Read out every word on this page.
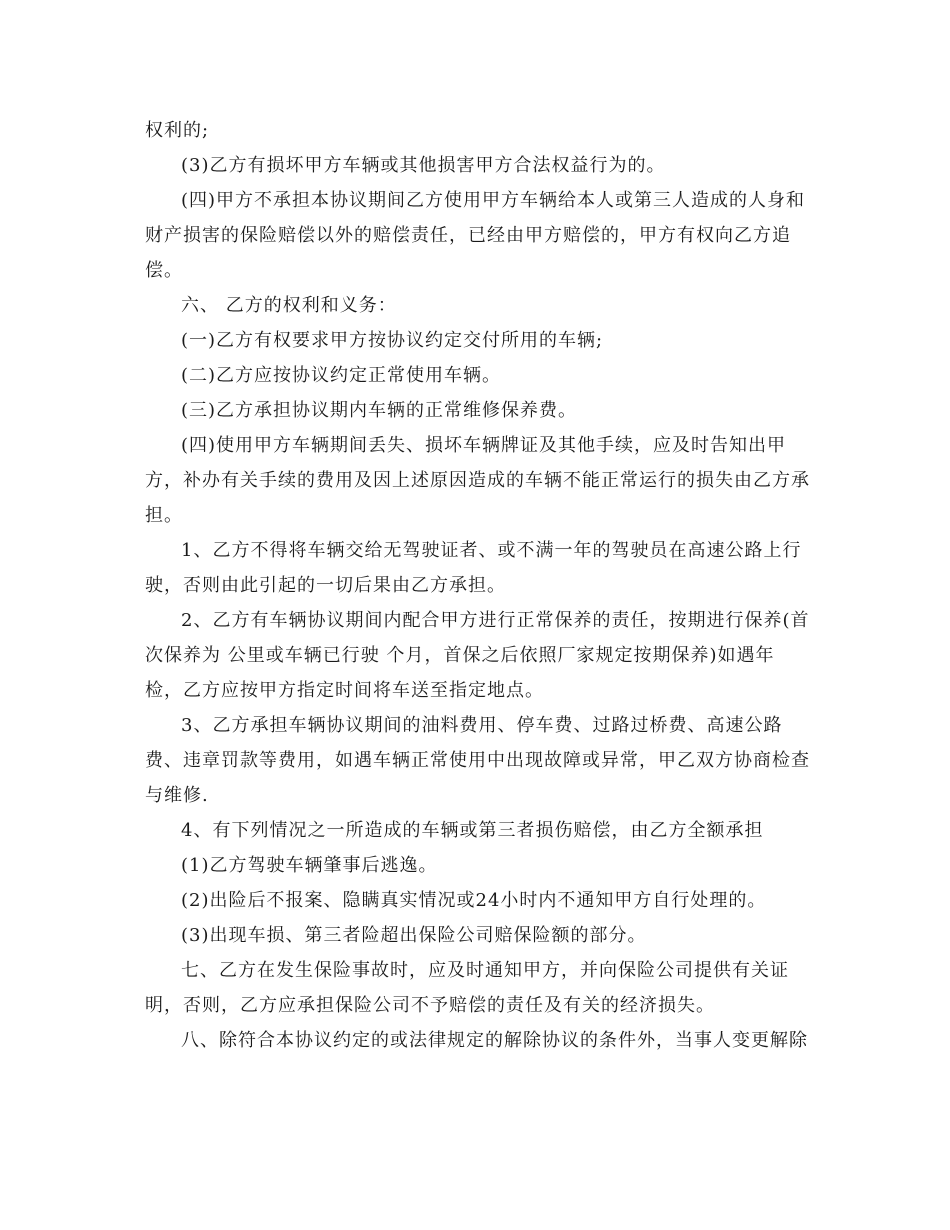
权利的;

(3)乙方有损坏甲方车辆或其他损害甲方合法权益行为的。

(四)甲方不承担本协议期间乙方使用甲方车辆给本人或第三人造成的人身和财产损害的保险赔偿以外的赔偿责任，已经由甲方赔偿的，甲方有权向乙方追偿。

六、 乙方的权利和义务：

(一)乙方有权要求甲方按协议约定交付所用的车辆;

(二)乙方应按协议约定正常使用车辆。

(三)乙方承担协议期内车辆的正常维修保养费。

(四)使用甲方车辆期间丢失、损坏车辆牌证及其他手续，应及时告知出甲方，补办有关手续的费用及因上述原因造成的车辆不能正常运行的损失由乙方承担。

1、乙方不得将车辆交给无驾驶证者、或不满一年的驾驶员在高速公路上行驶，否则由此引起的一切后果由乙方承担。

2、乙方有车辆协议期间内配合甲方进行正常保养的责任，按期进行保养(首次保养为 公里或车辆已行驶 个月，首保之后依照厂家规定按期保养)如遇年检，乙方应按甲方指定时间将车送至指定地点。

3、乙方承担车辆协议期间的油料费用、停车费、过路过桥费、高速公路费、违章罚款等费用，如遇车辆正常使用中出现故障或异常，甲乙双方协商检查与维修.

4、有下列情况之一所造成的车辆或第三者损伤赔偿，由乙方全额承担

(1)乙方驾驶车辆肇事后逃逸。

(2)出险后不报案、隐瞒真实情况或24小时内不通知甲方自行处理的。

(3)出现车损、第三者险超出保险公司赔保险额的部分。

七、乙方在发生保险事故时，应及时通知甲方，并向保险公司提供有关证明，否则，乙方应承担保险公司不予赔偿的责任及有关的经济损失。

八、除符合本协议约定的或法律规定的解除协议的条件外，当事人变更解除
